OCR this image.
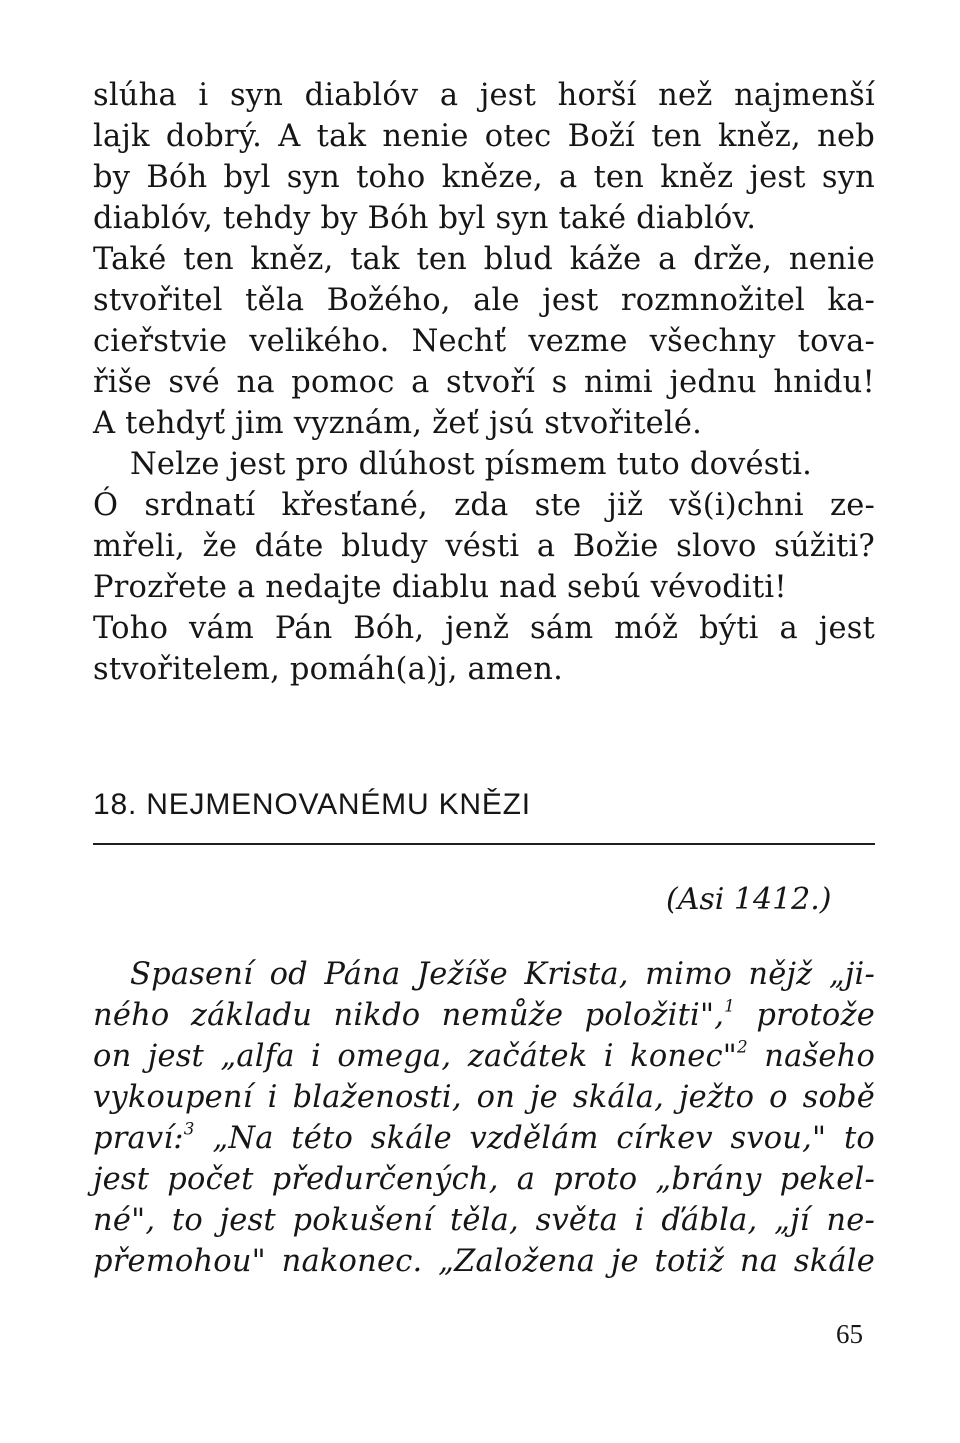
slúha i syn diablóv a jest horší než najmenší
lajk dobrý. A tak nenie otec Boží ten kněz, neb
by Bóh byl syn toho kněze, a ten kněz jest syn
diablóv, tehdy by Bóh byl syn také diablóv.
Také ten kněz, tak ten blud káže a drže, nenie
stvořitel těla Božého, ale jest rozmnožitel ka-
cieřstvie velikého. Nechť vezme všechny tova-
řiše své na pomoc a stvoří s nimi jednu hnidu!
A tehdyť jim vyznám, žeť jsú stvořitelé.
Nelze jest pro dlúhost písmem tuto dovésti.
Ó srdnatí křesťané, zda ste již vš(i)chni ze-
mřeli, že dáte bludy vésti a Božie slovo súžiti?
Prozřete a nedajte diablu nad sebú vévoditi!
Toho vám Pán Bóh, jenž sám móž býti a jest
stvořitelem, pomáh(a)j, amen.
18. NEJMENOVANÉMU KNĚZI
(Asi 1412.)
Spasení od Pána Ježíše Krista, mimo nějž „ji-
ného základu nikdo nemůže položiti",$^1$ protože
on jest „alfa i omega, začátek i konec"$^2$ našeho
vykoupení i blaženosti, on je skála, ježto o sobě
praví:$^3$ „Na této skále vzdělám církev svou," to
jest počet předurčených, a proto „brány pekel-
né", to jest pokušení těla, světa i ďábla, „jí ne-
přemohou" nakonec. „Založena je totiž na skále
65
